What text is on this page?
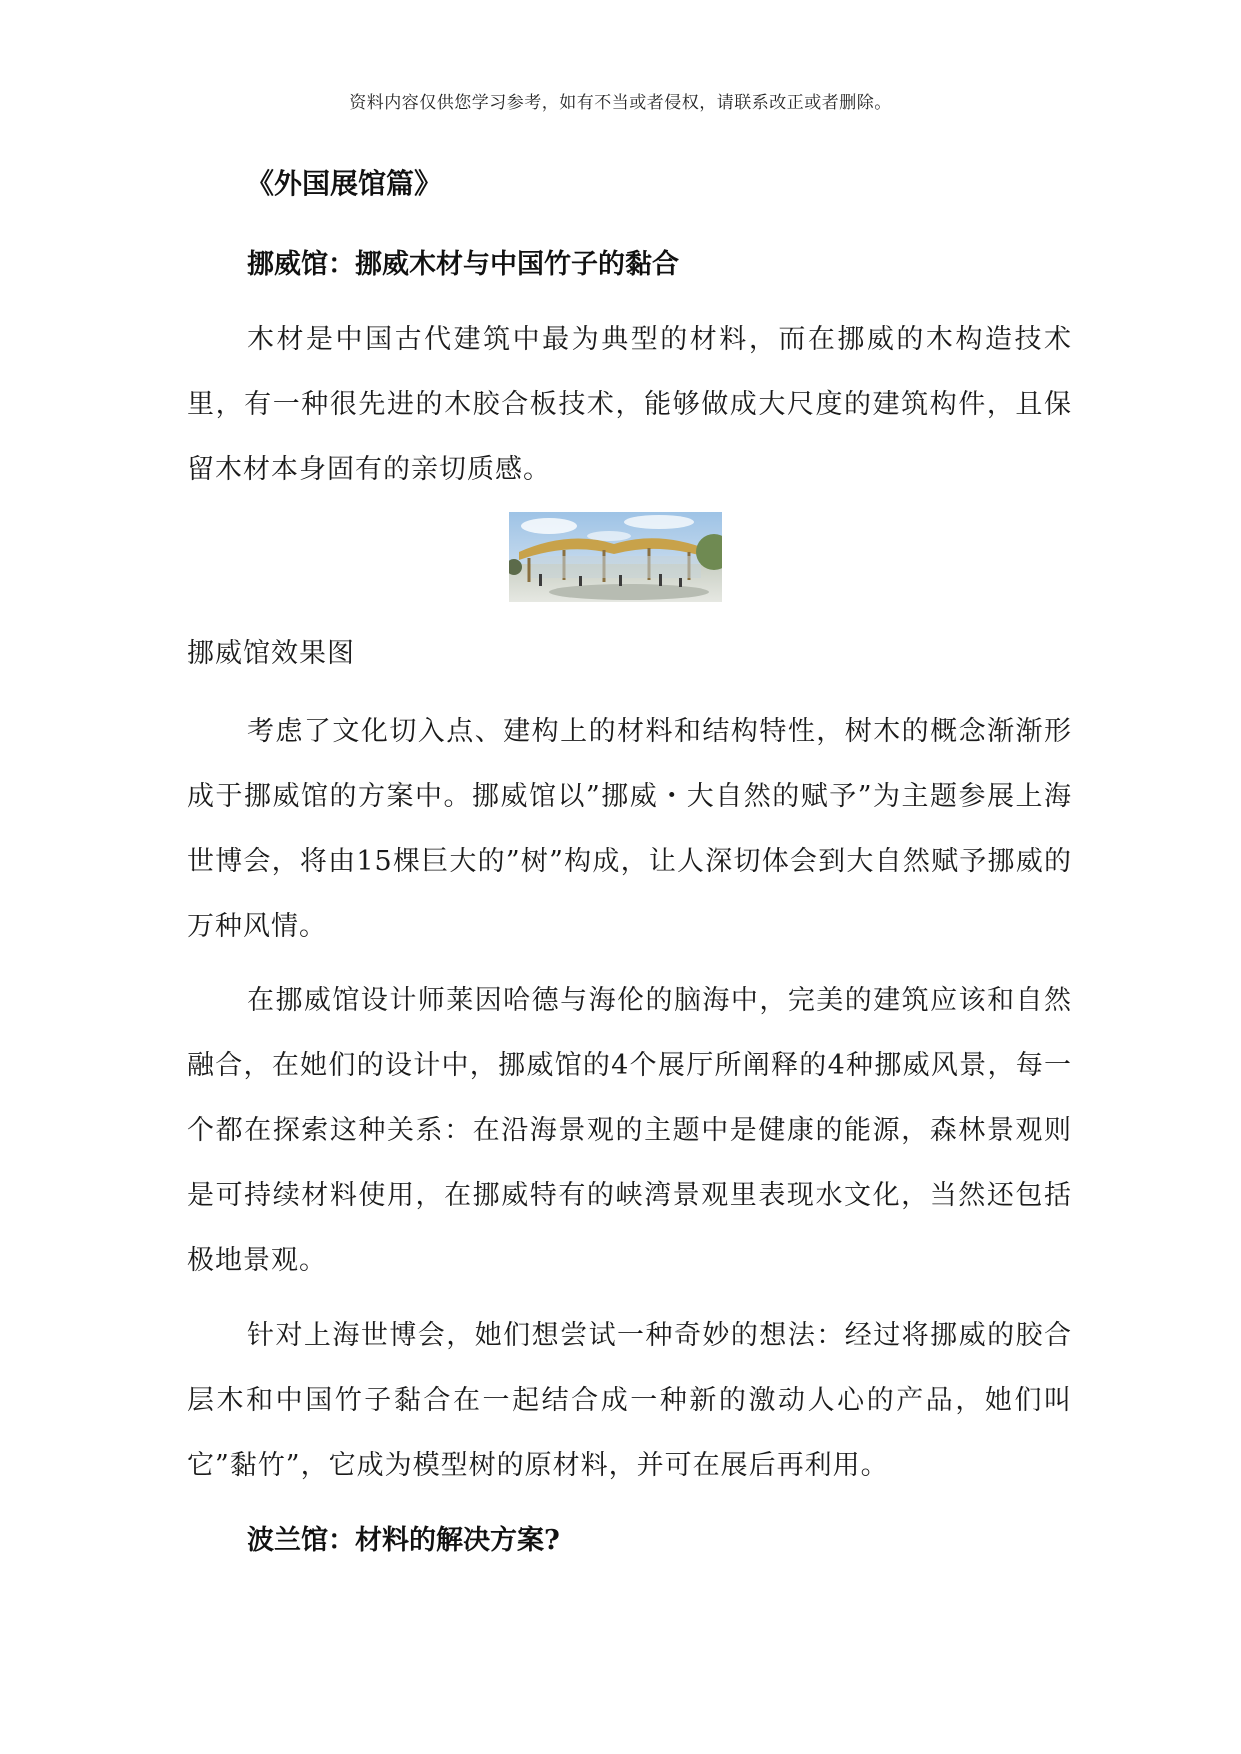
资料内容仅供您学习参考，如有不当或者侵权，请联系改正或者删除。
《外国展馆篇》
挪威馆：挪威木材与中国竹子的黏合
木材是中国古代建筑中最为典型的材料，而在挪威的木构造技术里，有一种很先进的木胶合板技术，能够做成大尺度的建筑构件，且保留木材本身固有的亲切质感。
挪威馆效果图
考虑了文化切入点、建构上的材料和结构特性，树木的概念渐渐形成于挪威馆的方案中。挪威馆以”挪威・大自然的赋予”为主题参展上海世博会，将由15棵巨大的”树”构成，让人深切体会到大自然赋予挪威的万种风情。
在挪威馆设计师莱因哈德与海伦的脑海中，完美的建筑应该和自然融合，在她们的设计中，挪威馆的4个展厅所阐释的4种挪威风景，每一个都在探索这种关系：在沿海景观的主题中是健康的能源，森林景观则是可持续材料使用，在挪威特有的峡湾景观里表现水文化，当然还包括极地景观。
针对上海世博会，她们想尝试一种奇妙的想法：经过将挪威的胶合层木和中国竹子黏合在一起结合成一种新的激动人心的产品，她们叫它”黏竹”，它成为模型树的原材料，并可在展后再利用。
波兰馆：材料的解决方案?
